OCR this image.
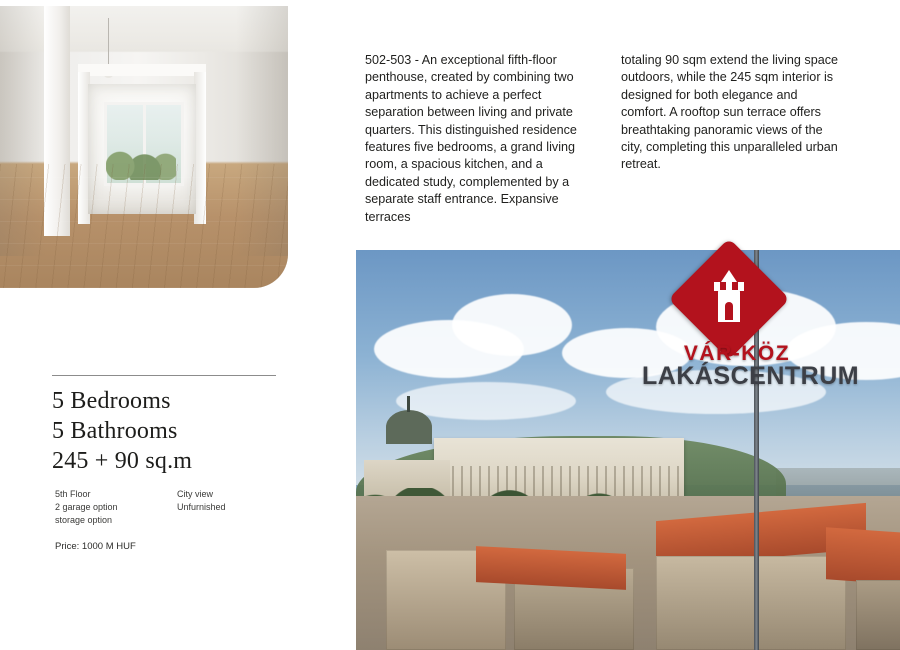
5 Bedrooms
5 Bathrooms
245 + 90 sq.m
5th Floor
2 garage option
storage option
City view
Unfurnished
Price: 1000 M HUF
502-503 - An exceptional fifth-floor penthouse, created by combining two apartments to achieve a perfect separation between living and private quarters. This distinguished residence features five bedrooms, a grand living room, a spacious kitchen, and a dedicated study, complemented by a separate staff entrance. Expansive terraces
totaling 90 sqm extend the living space outdoors, while the 245 sqm interior is designed for both elegance and comfort. A rooftop sun terrace offers breathtaking panoramic views of the city, completing this unparalleled urban retreat.
VÁR-KÖZ
LAKÁSCENTRUM
